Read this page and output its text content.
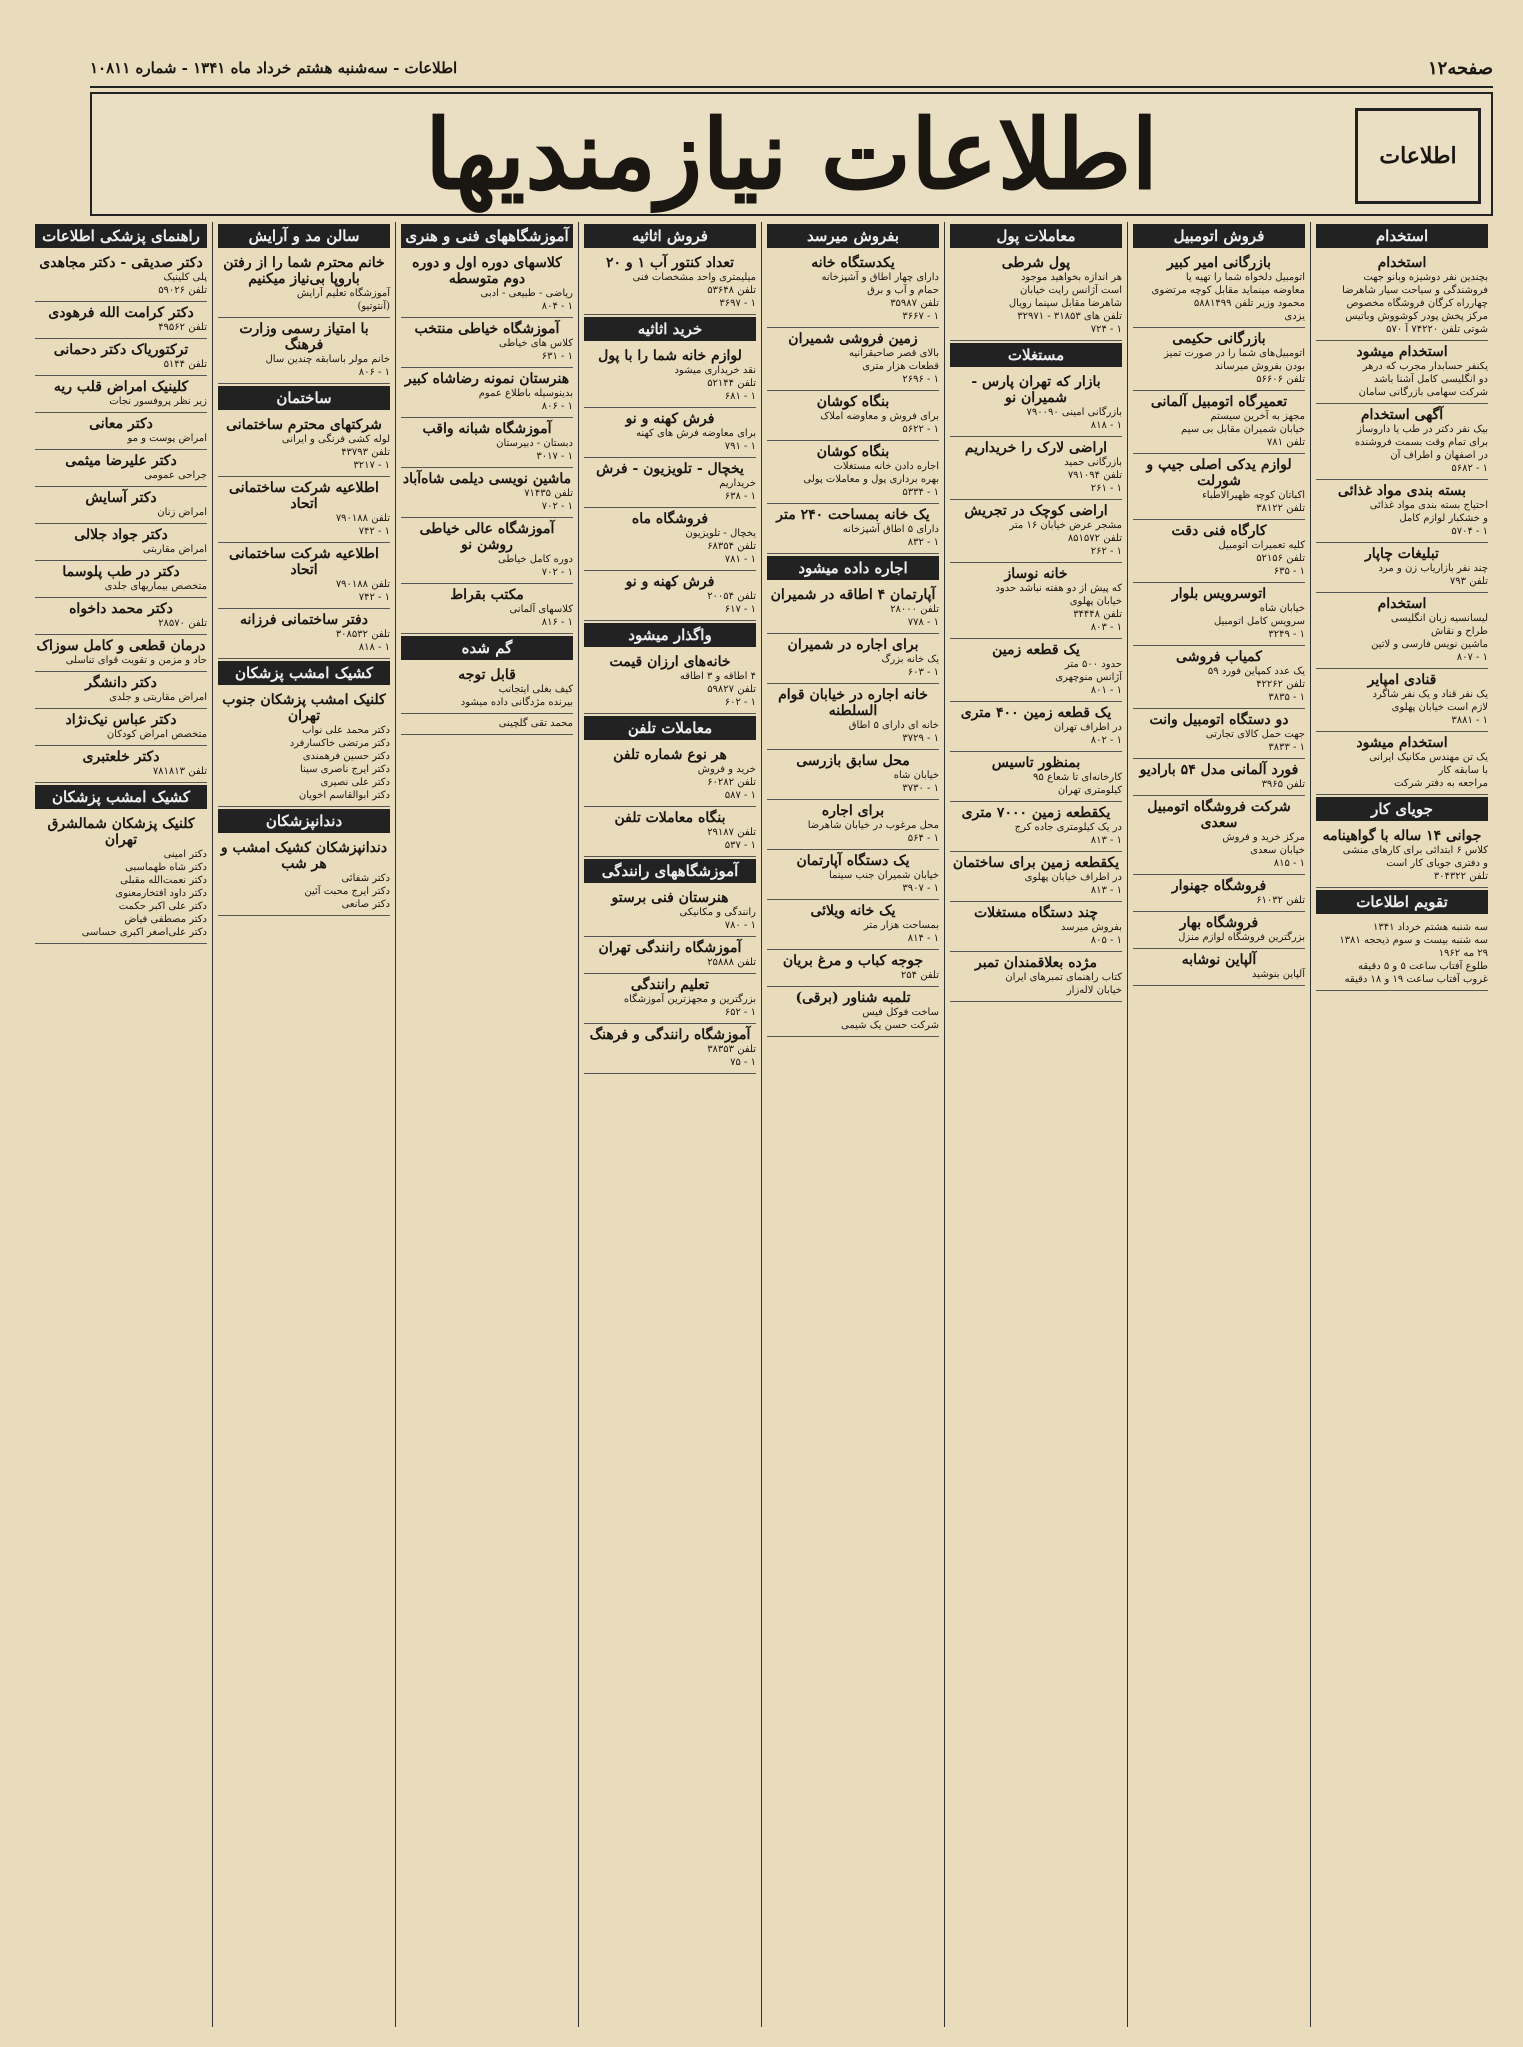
صفحه۱۲
اطلاعات - سه‌شنبه هشتم خرداد ماه ۱۳۴۱ - شماره ۱۰۸۱۱
اطلاعات
اطلاعات نیازمندیها
استخدام
استخدام
بچندین نفر دوشیزه وبانو جهت
فروشندگی و سیاحت سیار شاهرضا
چهارراه کرگان فروشگاه مخصوص
مرکز پخش پودر کوشووش وباتیس
شوتی تلفن ۷۴۲۲۰ آ ۵۷۰
استخدام میشود
یکنفر حسابدار مجرب که درهر
دو انگلیسی کامل آشنا باشد
شرکت سهامی بازرگانی سامان
آگهی استخدام
بیک نفر دکتر در طب یا داروساز
برای تمام وقت بسمت فروشنده
در اصفهان و اطراف آن
۱ - ۵۶۸۲
بسته بندی مواد غذائی
احتیاج بسته بندی مواد غذائی
و خشکبار لوازم کامل
۱ - ۵۷۰۴
تبلیغات چاپار
چند نفر بازاریاب زن و مرد
تلفن ۷۹۳
استخدام
لیسانسیه زبان انگلیسی
طراح و نقاش
ماشین نویس فارسی و لاتین
۱ - ۸۰۷
قنادی امپایر
یک نفر قناد و یک نفر شاگرد
لازم است خیابان پهلوی
۱ - ۳۸۸۱
استخدام میشود
یک تن مهندس مکانیک ایرانی
با سابقه کار
مراجعه به دفتر شرکت
جویای کار
جوانی ۱۴ ساله با گواهینامه
کلاس ۶ ابتدائی برای کارهای منشی
و دفتری جویای کار است
تلفن ۳۰۴۳۲۲
تقویم اطلاعات
سه شنبه هشتم خرداد ۱۳۴۱
سه شنبه بیست و سوم ذیحجه ۱۳۸۱
۲۹ مه ۱۹۶۲
طلوع آفتاب ساعت ۵ و ۵ دقیقه
غروب آفتاب ساعت ۱۹ و ۱۸ دقیقه
فروش اتومبیل
بازرگانی امیر کبیر
اتومبیل دلخواه شما را تهیه یا
معاوضه مینماید مقابل کوچه مرتضوی
محمود وزیر تلفن ۵۸۸۱۴۹۹
یزدی
بازرگانی حکیمی
اتومبیل‌های شما را در صورت تمیز
بودن بفروش میرساند
تلفن ۵۶۶۰۶
تعمیرگاه اتومبیل آلمانی
مجهز به آخرین سیستم
خیابان شمیران مقابل بی سیم
تلفن ۷۸۱
لوازم یدکی اصلی جیپ و شورلت
اکباتان کوچه ظهیرالاطباء
تلفن ۳۸۱۲۲
کارگاه فنی دقت
کلیه تعمیرات اتومبیل
تلفن ۵۲۱۵۶
۱ - ۶۳۵
اتوسرویس بلوار
خیابان شاه
سرویس کامل اتومبیل
۱ - ۳۲۴۹
کمیاب فروشی
یک عدد کمپاین فورد ۵۹
تلفن ۴۲۲۶۲
۱ - ۳۸۳۵
دو دستگاه اتومبیل وانت
جهت حمل کالای تجارتی
۱ - ۳۸۳۳
فورد آلمانی مدل ۵۴ بارادیو
تلفن ۳۹۶۵
شرکت فروشگاه اتومبیل سعدی
مرکز خرید و فروش
خیابان سعدی
۱ - ۸۱۵
فروشگاه جهنوار
تلفن ۶۱۰۳۲
فروشگاه بهار
بزرگترین فروشگاه لوازم منزل
آلپاین نوشابه
آلپاین بنوشید
معاملات پول
پول شرطی
هر اندازه بخواهید موجود
است آژانس رایت خیابان
شاهرضا مقابل سینما رویال
تلفن های ۳۱۸۵۳ - ۳۲۹۷۱
۱ - ۷۲۴
مستغلات
بازار که تهران پارس - شمیران نو
بازرگانی امینی ۷۹۰۰۹۰
۱ - ۸۱۸
اراضی لارک را خریداریم
بازرگانی حمید
تلفن ۷۹۱۰۹۴
۱ - ۲۶۱
اراضی کوچک در تجریش
مشجر عرض خیابان ۱۶ متر
تلفن ۸۵۱۵۷۲
۱ - ۲۶۲
خانه نوساز
که پیش از دو هفته نباشد حدود
خیابان پهلوی
تلفن ۳۴۴۴۸
۱ - ۸۰۳
یک قطعه زمین
حدود ۵۰۰ متر
آژانس منوچهری
۱ - ۸۰۱
یک قطعه زمین ۴۰۰ متری
در اطراف تهران
۱ - ۸۰۲
بمنظور تاسیس
کارخانه‌ای تا شعاع ۹۵
کیلومتری تهران
یکقطعه زمین ۷۰۰۰ متری
در یک کیلومتری جاده کرج
۱ - ۸۱۳
یکقطعه زمین برای ساختمان
در اطراف خیابان پهلوی
۱ - ۸۱۳
چند دستگاه مستغلات
بفروش میرسد
۱ - ۸۰۵
مژده بعلاقمندان تمبر
کتاب راهنمای تمبرهای ایران
خیابان لاله‌زار
بفروش میرسد
یکدستگاه خانه
دارای چهار اطاق و آشپزخانه
حمام و آب و برق
تلفن ۳۵۹۸۷
۱ - ۳۶۶۷
زمین فروشی شمیران
بالای قصر صاحبقرانیه
قطعات هزار متری
۱ - ۲۶۹۶
بنگاه کوشان
برای فروش و معاوضه املاک
۱ - ۵۶۲۲
بنگاه کوشان
اجاره دادن خانه مستغلات
بهره برداری پول و معاملات پولی
۱ - ۵۳۳۴
یک خانه بمساحت ۲۴۰ متر
دارای ۵ اطاق آشپزخانه
۱ - ۸۳۲
اجاره داده میشود
آپارتمان ۴ اطاقه در شمیران
تلفن ۲۸۰۰۰
۱ - ۷۷۸
برای اجاره در شمیران
یک خانه بزرگ
۱ - ۶۰۳
خانه اجاره در خیابان قوام السلطنه
خانه ای دارای ۵ اطاق
۱ - ۳۷۲۹
محل سابق بازرسی
خیابان شاه
۱ - ۳۷۳۰
برای اجاره
محل مرغوب در خیابان شاهرضا
۱ - ۵۶۴
یک دستگاه آپارتمان
خیابان شمیران جنب سینما
۱ - ۳۹۰۷
یک خانه ویلائی
بمساحت هزار متر
۱ - ۸۱۴
جوجه کباب و مرغ بریان
تلفن ۲۵۴
تلمبه شناور (برقی)
ساخت فوکل فیس
شرکت حسن یک شیمی
فروش اثاثیه
تعداد کنتور آب ۱ و ۲۰
میلیمتری واحد مشخصات فنی
تلفن ۵۳۶۴۸
۱ - ۳۶۹۷
خرید اثاثیه
لوازم خانه شما را با پول
نقد خریداری میشود
تلفن ۵۲۱۴۴
۱ - ۶۸۱
فرش کهنه و نو
برای معاوضه فرش های کهنه
۱ - ۷۹۱
یخچال - تلویزیون - فرش
خریداریم
۱ - ۶۳۸
فروشگاه ماه
یخچال - تلویزیون
تلفن ۶۸۳۵۴
۱ - ۷۸۱
فرش کهنه و نو
تلفن ۲۰۰۵۴
۱ - ۶۱۷
واگذار میشود
خانه‌های ارزان قیمت
۴ اطاقه و ۳ اطاقه
تلفن ۵۹۸۲۷
۱ - ۶۰۲
معاملات تلفن
هر نوع شماره تلفن
خرید و فروش
تلفن ۶۰۲۸۲
۱ - ۵۸۷
بنگاه معاملات تلفن
تلفن ۲۹۱۸۷
۱ - ۵۳۷
آموزشگاههای رانندگی
هنرستان فنی برستو
رانندگی و مکانیکی
۱ - ۷۸۰
آموزشگاه رانندگی تهران
تلفن ۲۵۸۸۸
تعلیم رانندگی
بزرگترین و مجهزترین آموزشگاه
۱ - ۶۵۲
آموزشگاه رانندگی و فرهنگ
تلفن ۳۸۳۵۳
۱ - ۷۵
آموزشگاههای فنی و هنری
کلاسهای دوره اول و دوره دوم متوسطه
ریاضی - طبیعی - ادبی
۱ - ۸۰۴
آموزشگاه خیاطی منتخب
کلاس های خیاطی
۱ - ۶۳۱
هنرستان نمونه رضاشاه کبیر
بدینوسیله باطلاع عموم
۱ - ۸۰۶
آموزشگاه شبانه واقب
دبستان - دبیرستان
۱ - ۳۰۱۷
ماشین نویسی دیلمی شاه‌آباد
تلفن ۷۱۴۳۵
۱ - ۷۰۲
آموزشگاه عالی خیاطی روشن نو
دوره کامل خیاطی
۱ - ۷۰۲
مکتب بقراط
کلاسهای آلمانی
۱ - ۸۱۶
گم شده
قابل توجه
کیف بغلی ایتجانب
بیرنده مژدگانی داده میشود
محمد تقی گلچینی
سالن مد و آرایش
خانم محترم شما را از رفتن باروپا بی‌نیاز میکنیم
آموزشگاه تعلیم آرایش
(آنتوتیو)
با امتیاز رسمی وزارت فرهنگ
خانم مولر باسابقه چندین سال
۱ - ۸۰۶
ساختمان
شرکتهای محترم ساختمانی
لوله کشی فرنگی و ایرانی
تلفن ۴۳۷۹۳
۱ - ۳۲۱۷
اطلاعیه شرکت ساختمانی اتحاد
تلفن ۷۹۰۱۸۸
۱ - ۷۴۲
اطلاعیه شرکت ساختمانی اتحاد
تلفن ۷۹۰۱۸۸
۱ - ۷۴۲
دفتر ساختمانی فرزانه
تلفن ۳۰۸۵۳۲
۱ - ۸۱۸
کشیک امشب پزشکان
کلنیک امشب پزشکان جنوب تهران
دکتر محمد علی نواب
دکتر مرتضی خاکسارفرد
دکتر حسین فرهمندی
دکتر ایرج ناصری سینا
دکتر علی نصیری
دکتر ابوالقاسم اخویان
دندانپزشکان
دندانپزشکان کشیک امشب و هر شب
دکتر شفائی
دکتر ایرج محبت آئین
دکتر صانعی
راهنمای پزشکی اطلاعات
دکتر صدیقی - دکتر مجاهدی
پلی کلینیک
تلفن ۵۹۰۲۶
دکتر کرامت الله فرهودی
تلفن ۴۹۵۶۲
ترکتوریاک دکتر دحمانی
تلفن ۵۱۴۴
کلینیک امراض قلب ریه
زیر نظر پروفسور نجات
دکتر معانی
امراض پوست و مو
دکتر علیرضا میثمی
جراحی عمومی
دکتر آسایش
امراض زنان
دکتر جواد جلالی
امراض مقاربتی
دکتر در طب پلوسما
متخصص بیماریهای جلدی
دکتر محمد داخواه
تلفن ۲۸۵۷۰
درمان قطعی و کامل سوزاک
حاد و مزمن و تقویت قوای تناسلی
دکتر دانشگر
امراض مقاربتی و جلدی
دکتر عباس نیک‌نژاد
متخصص امراض کودکان
دکتر خلعتبری
تلفن ۷۸۱۸۱۳
کشیک امشب پزشکان
کلنیک پزشکان شمالشرق تهران
دکتر امینی
دکتر شاه طهماسبی
دکتر نعمت‌الله مقبلی
دکتر داود افتخارمعنوی
دکتر علی اکبر حکمت
دکتر مصطفی فیاض
دکتر علی‌اصغر اکبری حساسی
